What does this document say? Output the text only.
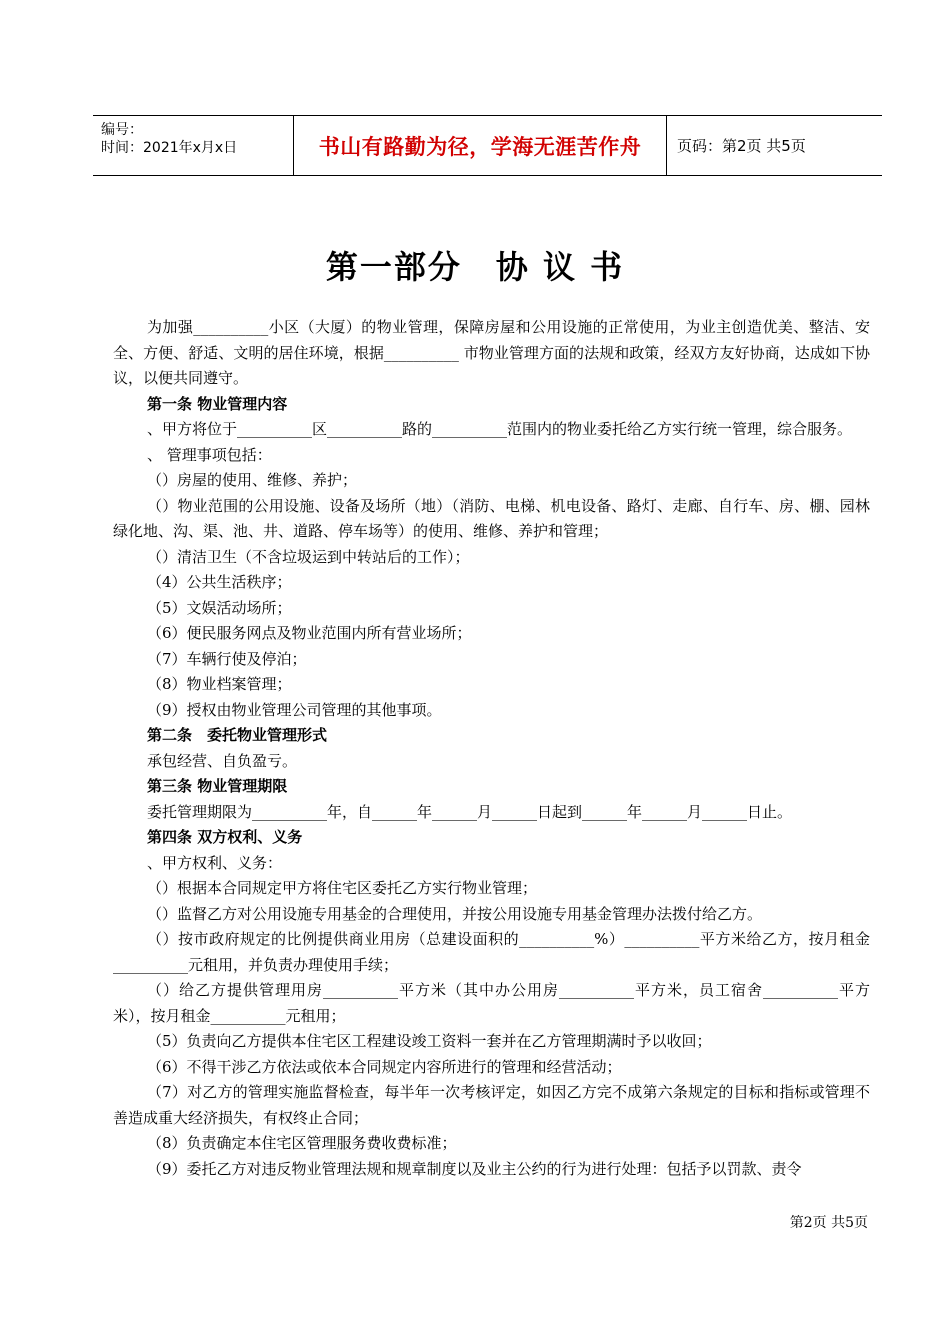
编号：
时间：2021年x月x日	书山有路勤为径，学海无涯苦作舟	页码：第2页 共5页
第一部分　协 议 书

为加强__________小区（大厦）的物业管理，保障房屋和公用设施的正常使用，为业主创造优美、整洁、安全、方便、舒适、文明的居住环境，根据__________ 市物业管理方面的法规和政策，经双方友好协商，达成如下协议，以便共同遵守。

第一条 物业管理内容

、甲方将位于__________区__________路的__________范围内的物业委托给乙方实行统一管理，综合服务。

、 管理事项包括：

（）房屋的使用、维修、养护；

（）物业范围的公用设施、设备及场所（地）（消防、电梯、机电设备、路灯、走廊、自行车、房、棚、园林绿化地、沟、渠、池、井、道路、停车场等）的使用、维修、养护和管理；

（）清洁卫生（不含垃圾运到中转站后的工作）；

（4）公共生活秩序；

（5）文娱活动场所；

（6）便民服务网点及物业范围内所有营业场所；

（7）车辆行使及停泊；

（8）物业档案管理；

（9）授权由物业管理公司管理的其他事项。

第二条　委托物业管理形式

承包经营、自负盈亏。

第三条 物业管理期限

委托管理期限为__________年，自______年______月______日起到______年______月______日止。

第四条 双方权利、义务

、甲方权利、义务：

（）根据本合同规定甲方将住宅区委托乙方实行物业管理；

（）监督乙方对公用设施专用基金的合理使用，并按公用设施专用基金管理办法拨付给乙方。

（）按市政府规定的比例提供商业用房（总建设面积的__________%）__________平方米给乙方，按月租金__________元租用，并负责办理使用手续；

（）给乙方提供管理用房__________平方米（其中办公用房__________平方米，员工宿舍__________平方米），按月租金__________元租用；

（5）负责向乙方提供本住宅区工程建设竣工资料一套并在乙方管理期满时予以收回；

（6）不得干涉乙方依法或依本合同规定内容所进行的管理和经营活动；

（7）对乙方的管理实施监督检查，每半年一次考核评定，如因乙方完不成第六条规定的目标和指标或管理不善造成重大经济损失，有权终止合同；

（8）负责确定本住宅区管理服务费收费标准；

（9）委托乙方对违反物业管理法规和规章制度以及业主公约的行为进行处理：包括予以罚款、责令

第2页 共5页
